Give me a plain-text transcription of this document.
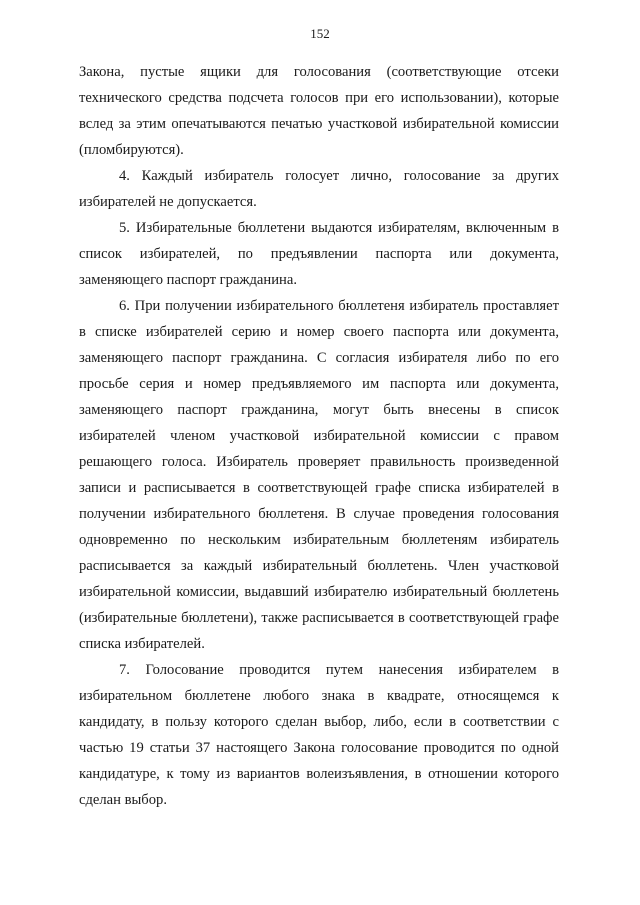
152

Закона, пустые ящики для голосования (соответствующие отсеки технического средства подсчета голосов при его использовании), которые вслед за этим опечатываются печатью участковой избирательной комиссии (пломбируются).

4. Каждый избиратель голосует лично, голосование за других избирателей не допускается.

5. Избирательные бюллетени выдаются избирателям, включенным в список избирателей, по предъявлении паспорта или документа, заменяющего паспорт гражданина.

6. При получении избирательного бюллетеня избиратель проставляет в списке избирателей серию и номер своего паспорта или документа, заменяющего паспорт гражданина. С согласия избирателя либо по его просьбе серия и номер предъявляемого им паспорта или документа, заменяющего паспорт гражданина, могут быть внесены в список избирателей членом участковой избирательной комиссии с правом решающего голоса. Избиратель проверяет правильность произведенной записи и расписывается в соответствующей графе списка избирателей в получении избирательного бюллетеня. В случае проведения голосования одновременно по нескольким избирательным бюллетеням избиратель расписывается за каждый избирательный бюллетень. Член участковой избирательной комиссии, выдавший избирателю избирательный бюллетень (избирательные бюллетени), также расписывается в соответствующей графе списка избирателей.

7. Голосование проводится путем нанесения избирателем в избирательном бюллетене любого знака в квадрате, относящемся к кандидату, в пользу которого сделан выбор, либо, если в соответствии с частью 19 статьи 37 настоящего Закона голосование проводится по одной кандидатуре, к тому из вариантов волеизъявления, в отношении которого сделан выбор.
